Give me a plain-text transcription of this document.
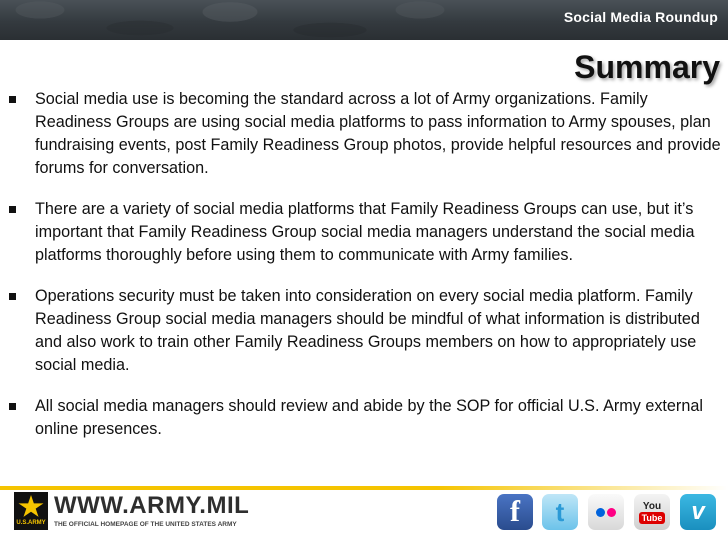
Social Media Roundup
Summary
Social media use is becoming the standard across a lot of Army organizations. Family Readiness Groups are using social media platforms to pass information to Army spouses, plan fundraising events, post Family Readiness Group photos, provide helpful resources and provide forums for conversation.
There are a variety of social media platforms that Family Readiness Groups can use, but it’s important that Family Readiness Group social media managers understand the social media platforms thoroughly before using them to communicate with Army families.
Operations security must be taken into consideration on every social media platform. Family Readiness Group social media managers should be mindful of what information is distributed and also work to train other Family Readiness Groups members on how to appropriately use social media.
All social media managers should review and abide by the SOP for official U.S. Army external online presences.
U.S.ARMY
WWW.ARMY.MIL
THE OFFICIAL HOMEPAGE OF THE UNITED STATES ARMY	f t	You
Tube v
